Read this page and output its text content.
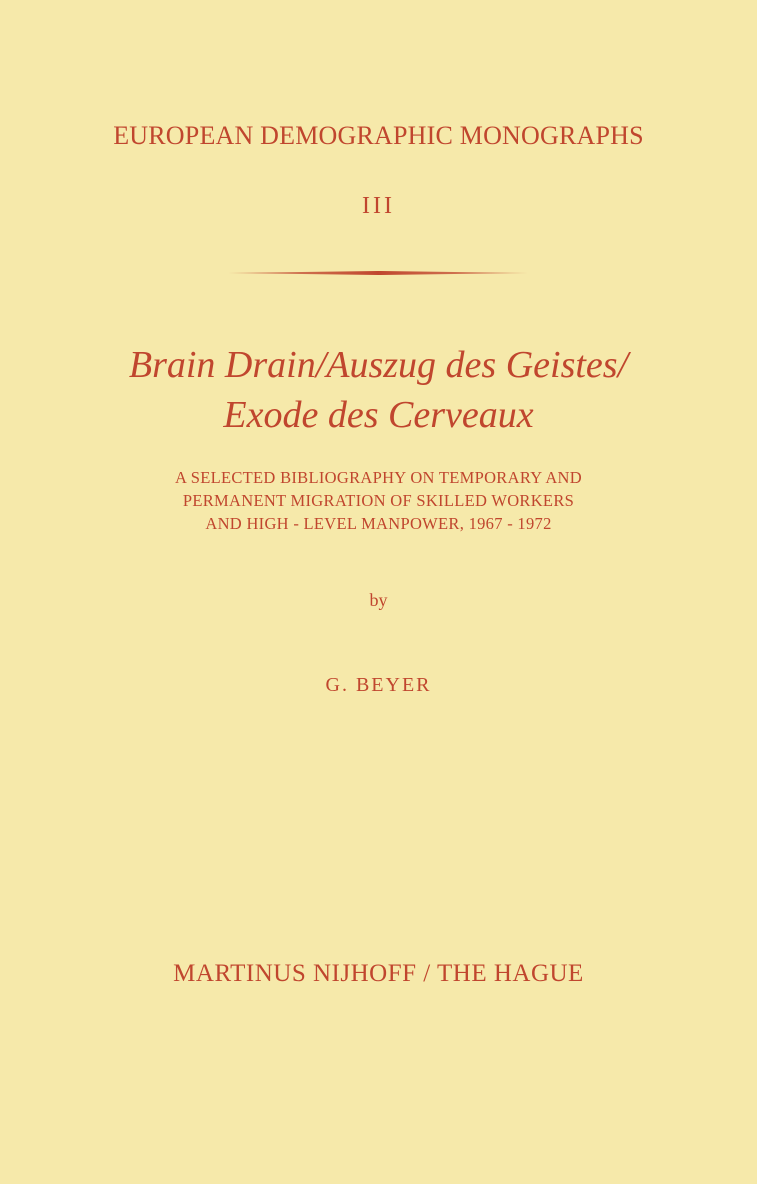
EUROPEAN DEMOGRAPHIC MONOGRAPHS
III
Brain Drain/Auszug des Geistes/
Exode des Cerveaux
A SELECTED BIBLIOGRAPHY ON TEMPORARY AND
PERMANENT MIGRATION OF SKILLED WORKERS
AND HIGH - LEVEL MANPOWER, 1967 - 1972
by
G. BEYER
MARTINUS NIJHOFF / THE HAGUE
